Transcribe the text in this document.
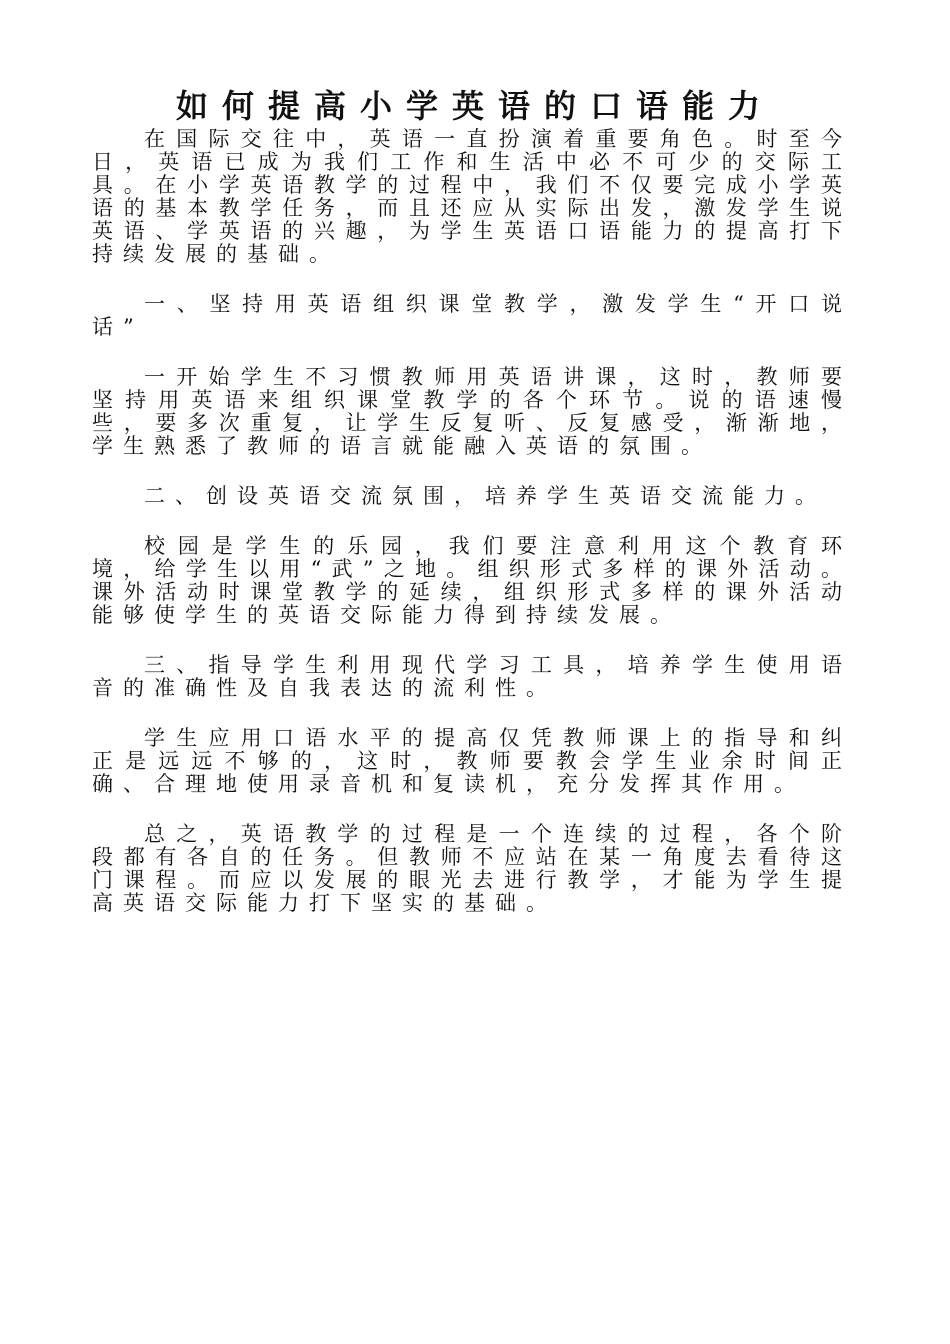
如何提高小学英语的口语能力

在国际交往中，英语一直扮演着重要角色。时至今日，英语已成为我们工作和生活中必不可少的交际工具。在小学英语教学的过程中，我们不仅要完成小学英语的基本教学任务，而且还应从实际出发，激发学生说英语、学英语的兴趣，为学生英语口语能力的提高打下持续发展的基础。

一、坚持用英语组织课堂教学，激发学生“开口说话”

一开始学生不习惯教师用英语讲课，这时，教师要坚持用英语来组织课堂教学的各个环节。说的语速慢些，要多次重复，让学生反复听、反复感受，渐渐地，学生熟悉了教师的语言就能融入英语的氛围。

二、创设英语交流氛围，培养学生英语交流能力。

校园是学生的乐园，我们要注意利用这个教育环境，给学生以用“武”之地。组织形式多样的课外活动。课外活动时课堂教学的延续，组织形式多样的课外活动能够使学生的英语交际能力得到持续发展。

三、指导学生利用现代学习工具，培养学生使用语音的准确性及自我表达的流利性。

学生应用口语水平的提高仅凭教师课上的指导和纠正是远远不够的，这时，教师要教会学生业余时间正确、合理地使用录音机和复读机，充分发挥其作用。

总之，英语教学的过程是一个连续的过程，各个阶段都有各自的任务。但教师不应站在某一角度去看待这门课程。而应以发展的眼光去进行教学，才能为学生提高英语交际能力打下坚实的基础。
